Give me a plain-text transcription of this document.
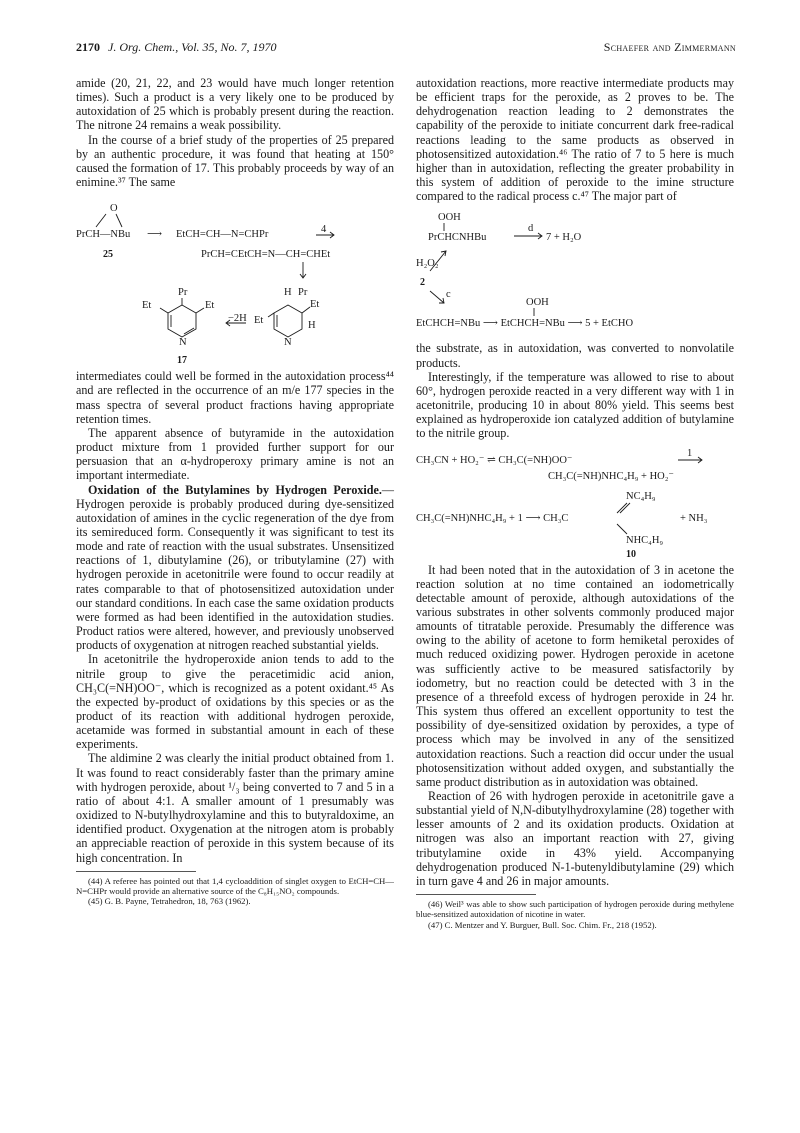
2170 J. Org. Chem., Vol. 35, No. 7, 1970	Schaefer and Zimmermann

amide (20, 21, 22, and 23 would have much longer retention times). Such a product is a very likely one to be produced by autoxidation of 25 which is probably present during the reaction. The nitrone 24 remains a weak possibility.

In the course of a brief study of the properties of 25 prepared by an authentic procedure, it was found that heating at 150° caused the formation of 17. This probably proceeds by way of an enimine.³⁷ The same

O
PrCH—NBu ⟶ EtCH=CH—N=CHPr	4
25	PrCH=CEtCH=N—CH=CHEt
Pr
Et	Et
N
−2H
H Pr
Et
Et
H
N
17

intermediates could well be formed in the autoxidation process⁴⁴ and are reflected in the occurrence of an m/e 177 species in the mass spectra of several product fractions having appropriate retention times.

The apparent absence of butyramide in the autoxidation product mixture from 1 provided further support for our persuasion that an α-hydroperoxy primary amine is not an important intermediate.

Oxidation of the Butylamines by Hydrogen Peroxide.—Hydrogen peroxide is probably produced during dye-sensitized autoxidation of amines in the cyclic regeneration of the dye from its semireduced form. Consequently it was significant to test its mode and rate of reaction with the usual substrates. Unsensitized reactions of 1, dibutylamine (26), or tributylamine (27) with hydrogen peroxide in acetonitrile were found to occur readily at rates comparable to that of photosensitized autoxidation under our standard conditions. In each case the same oxidation products were formed as had been identified in the autoxidation studies. Product ratios were altered, however, and previously unobserved products of oxygenation at nitrogen reached substantial yields.

In acetonitrile the hydroperoxide anion tends to add to the nitrile group to give the peracetimidic acid anion, CH₃C(=NH)OO⁻, which is recognized as a potent oxidant.⁴⁵ As the expected by-product of oxidations by this species or as the product of its reaction with additional hydrogen peroxide, acetamide was formed in substantial amount in each of these experiments.

The aldimine 2 was clearly the initial product obtained from 1. It was found to react considerably faster than the primary amine with hydrogen peroxide, about ¹/₃ being converted to 7 and 5 in a ratio of about 4:1. A smaller amount of 1 presumably was oxidized to N-butylhydroxylamine and this to butyraldoxime, an identified product. Oxygenation at the nitrogen atom is probably an appreciable reaction of peroxide in this system because of its high concentration. In

(44) A referee has pointed out that 1,4 cycloaddition of singlet oxygen to EtCH=CH—N=CHPr would provide an alternative source of the C₈H₁₅NO₂ compounds.

(45) G. B. Payne, Tetrahedron, 18, 763 (1962).

autoxidation reactions, more reactive intermediate products may be efficient traps for the peroxide, as 2 proves to be. The dehydrogenation reaction leading to 2 demonstrates the capability of the peroxide to initiate concurrent dark free-radical reactions leading to the same products as observed in photosensitized autoxidation.⁴⁶ The ratio of 7 to 5 here is much higher than in autoxidation, reflecting the greater probability in this system of addition of peroxide to the imine structure compared to the radical process c.⁴⁷ The major part of

OOH
PrCHCNHBu
d
7 + H₂O
H₂O₂
2
c
OOH
EtCHCH=NBu ⟶ EtCHCH=NBu ⟶ 5 + EtCHO

the substrate, as in autoxidation, was converted to nonvolatile products.

Interestingly, if the temperature was allowed to rise to about 60°, hydrogen peroxide reacted in a very different way with 1 in acetonitrile, producing 10 in about 80% yield. This seems best explained as hydroperoxide ion catalyzed addition of butylamine to the nitrile group.

CH₃CN + HO₂⁻ ⇌ CH₃C(=NH)OO⁻
1
CH₃C(=NH)NHC₄H₉ + HO₂⁻
NC₄H₉
CH₃C(=NH)NHC₄H₉ + 1 ⟶ CH₃C	+ NH₃
NHC₄H₉
10

It had been noted that in the autoxidation of 3 in acetone the reaction solution at no time contained an iodometrically detectable amount of peroxide, although autoxidations of the various substrates in other solvents commonly produced major amounts of titratable peroxide. Presumably the difference was owing to the ability of acetone to form hemiketal peroxides of much reduced oxidizing power. Hydrogen peroxide in acetone was sufficiently active to be measured satisfactorily by iodometry, but no reaction could be detected with 3 in the presence of a threefold excess of hydrogen peroxide in 24 hr. This system thus offered an excellent opportunity to test the possibility of dye-sensitized oxidation by peroxides, a type of process which may be involved in any of the sensitized autoxidation reactions. Such a reaction did occur under the usual photosensitization without added oxygen, and substantially the same product distribution as in autoxidation was obtained.

Reaction of 26 with hydrogen peroxide in acetonitrile gave a substantial yield of N,N-dibutylhydroxylamine (28) together with lesser amounts of 2 and its oxidation products. Oxidation at nitrogen was also an important reaction with 27, giving tributylamine oxide in 43% yield. Accompanying dehydrogenation produced N-1-butenyldibutylamine (29) which in turn gave 4 and 26 in major amounts.

(46) Weil³ was able to show such participation of hydrogen peroxide during methylene blue-sensitized autoxidation of nicotine in water.

(47) C. Mentzer and Y. Burguer, Bull. Soc. Chim. Fr., 218 (1952).
